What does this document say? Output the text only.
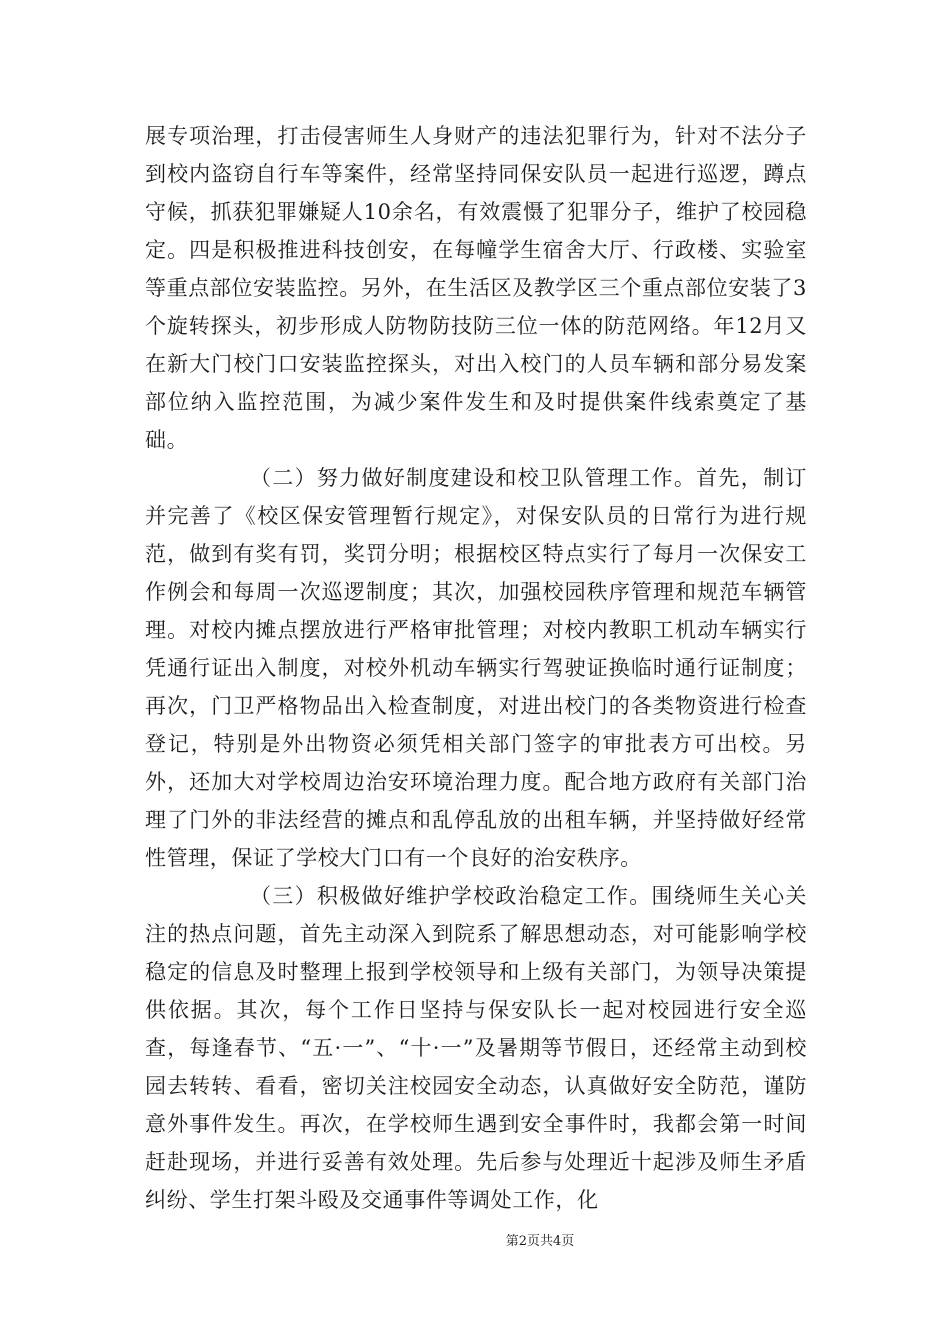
展专项治理，打击侵害师生人身财产的违法犯罪行为，针对不法分子到校内盗窃自行车等案件，经常坚持同保安队员一起进行巡逻，蹲点守候，抓获犯罪嫌疑人10余名，有效震慑了犯罪分子，维护了校园稳定。四是积极推进科技创安，在每幢学生宿舍大厅、行政楼、实验室等重点部位安装监控。另外，在生活区及教学区三个重点部位安装了3个旋转探头，初步形成人防物防技防三位一体的防范网络。年12月又在新大门校门口安装监控探头，对出入校门的人员车辆和部分易发案部位纳入监控范围，为减少案件发生和及时提供案件线索奠定了基础。

（二）努力做好制度建设和校卫队管理工作。首先，制订并完善了《校区保安管理暂行规定》，对保安队员的日常行为进行规范，做到有奖有罚，奖罚分明；根据校区特点实行了每月一次保安工作例会和每周一次巡逻制度；其次，加强校园秩序管理和规范车辆管理。对校内摊点摆放进行严格审批管理；对校内教职工机动车辆实行凭通行证出入制度，对校外机动车辆实行驾驶证换临时通行证制度；再次，门卫严格物品出入检查制度，对进出校门的各类物资进行检查登记，特别是外出物资必须凭相关部门签字的审批表方可出校。另外，还加大对学校周边治安环境治理力度。配合地方政府有关部门治理了门外的非法经营的摊点和乱停乱放的出租车辆，并坚持做好经常性管理，保证了学校大门口有一个良好的治安秩序。

（三）积极做好维护学校政治稳定工作。围绕师生关心关注的热点问题，首先主动深入到院系了解思想动态，对可能影响学校稳定的信息及时整理上报到学校领导和上级有关部门，为领导决策提供依据。其次，每个工作日坚持与保安队长一起对校园进行安全巡查，每逢春节、“五·一”、“十·一”及暑期等节假日，还经常主动到校园去转转、看看，密切关注校园安全动态，认真做好安全防范，谨防意外事件发生。再次，在学校师生遇到安全事件时，我都会第一时间赶赴现场，并进行妥善有效处理。先后参与处理近十起涉及师生矛盾纠纷、学生打架斗殴及交通事件等调处工作，化

第2页共4页
